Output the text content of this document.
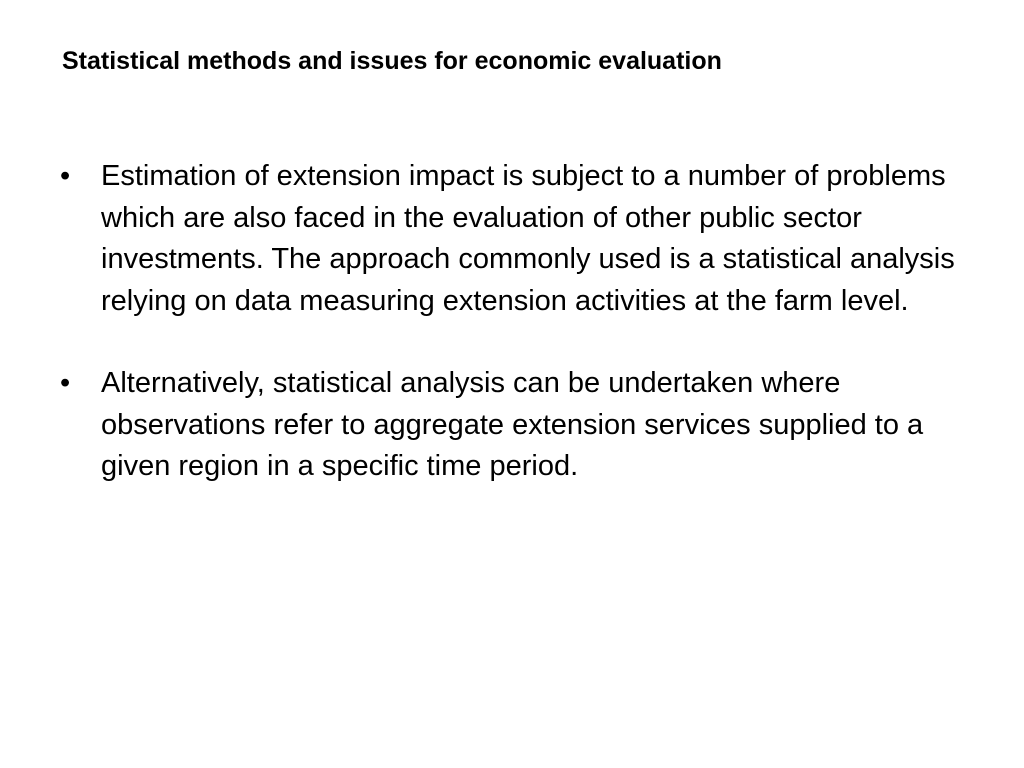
Statistical methods and issues for economic evaluation
•	Estimation of extension impact is subject to a number of problems which are also faced in the evaluation of other public sector investments. The approach commonly used is a statistical analysis relying on data measuring extension activities at the farm level.
•	Alternatively, statistical analysis can be undertaken where observations refer to aggregate extension services supplied to a given region in a specific time period.
